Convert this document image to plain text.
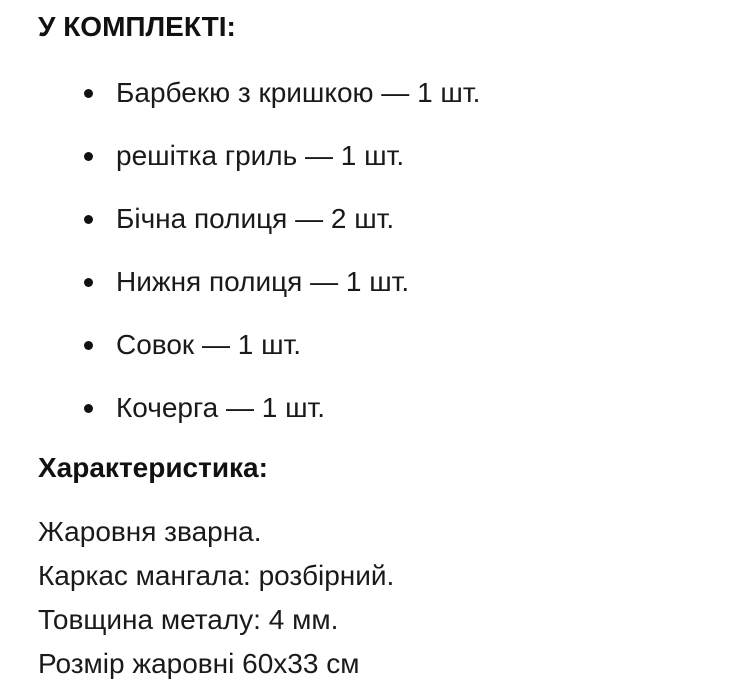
У КОМПЛЕКТІ:
Барбекю з кришкою — 1 шт.
решітка гриль — 1 шт.
Бічна полиця — 2 шт.
Нижня полиця — 1 шт.
Совок — 1 шт.
Кочерга — 1 шт.
Характеристика:
Жаровня зварна.
Каркас мангала: розбірний.
Товщина металу: 4 мм.
Розмір жаровні 60х33 см
